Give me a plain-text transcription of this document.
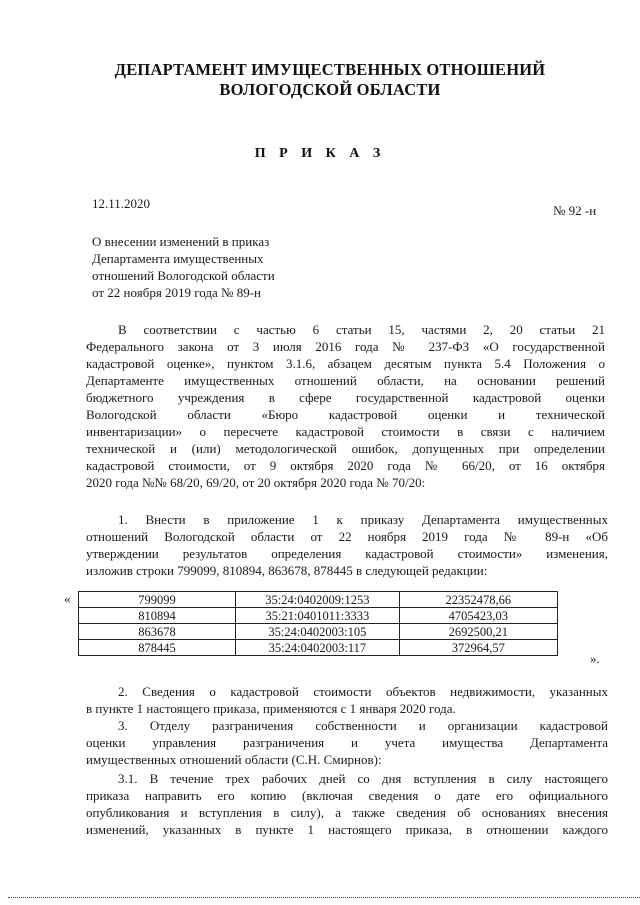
ДЕПАРТАМЕНТ ИМУЩЕСТВЕННЫХ ОТНОШЕНИЙ
ВОЛОГОДСКОЙ ОБЛАСТИ
П Р И К А З
12.11.2020	№ 92 -н
О внесении изменений в приказ
Департамента имущественных
отношений Вологодской области
от 22 ноября 2019 года № 89-н
В соответствии с частью 6 статьи 15, частями 2, 20 статьи 21
Федерального закона от 3 июля 2016 года № 237-ФЗ «О государственной
кадастровой оценке», пунктом 3.1.6, абзацем десятым пункта 5.4 Положения о
Департаменте имущественных отношений области, на основании решений
бюджетного учреждения в сфере государственной кадастровой оценки
Вологодской области «Бюро кадастровой оценки и технической
инвентаризации» о пересчете кадастровой стоимости в связи с наличием
технической и (или) методологической ошибок, допущенных при определении
кадастровой стоимости, от 9 октября 2020 года № 66/20, от 16 октября
2020 года №№ 68/20, 69/20, от 20 октября 2020 года № 70/20:
1. Внести в приложение 1 к приказу Департамента имущественных
отношений Вологодской области от 22 ноября 2019 года № 89-н «Об
утверждении результатов определения кадастровой стоимости» изменения,
изложив строки 799099, 810894, 863678, 878445 в следующей редакции:
«	799099	35:24:0402009:1253	22352478,66
810894	35:21:0401011:3333	4705423,03
863678	35:24:0402003:105	2692500,21
878445	35:24:0402003:117	372964,57
».
2. Сведения о кадастровой стоимости объектов недвижимости, указанных
в пункте 1 настоящего приказа, применяются с 1 января 2020 года.
3. Отделу разграничения собственности и организации кадастровой
оценки управления разграничения и учета имущества Департамента
имущественных отношений области (С.Н. Смирнов):
3.1. В течение трех рабочих дней со дня вступления в силу настоящего
приказа направить его копию (включая сведения о дате его официального
опубликования и вступления в силу), а также сведения об основаниях внесения
изменений, указанных в пункте 1 настоящего приказа, в отношении каждого
